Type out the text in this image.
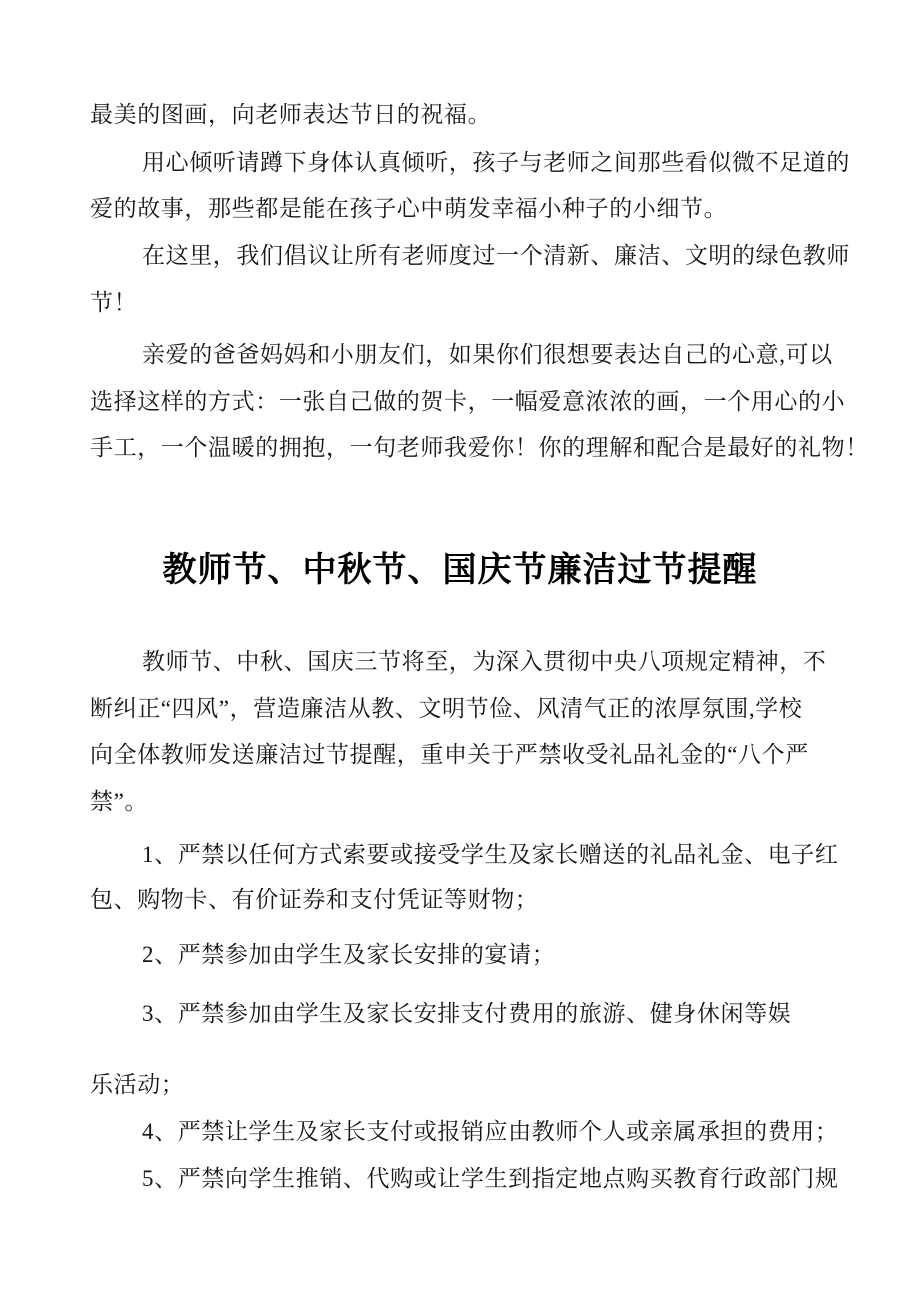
最美的图画，向老师表达节日的祝福。
用心倾听请蹲下身体认真倾听，孩子与老师之间那些看似微不足道的
爱的故事，那些都是能在孩子心中萌发幸福小种子的小细节。
在这里，我们倡议让所有老师度过一个清新、廉洁、文明的绿色教师
节！
亲爱的爸爸妈妈和小朋友们，如果你们很想要表达自己的心意,可以
选择这样的方式：一张自己做的贺卡，一幅爱意浓浓的画，一个用心的小
手工，一个温暖的拥抱，一句老师我爱你！你的理解和配合是最好的礼物！
教师节、中秋节、国庆节廉洁过节提醒
教师节、中秋、国庆三节将至，为深入贯彻中央八项规定精神，不
断纠正“四风”，营造廉洁从教、文明节俭、风清气正的浓厚氛围,学校
向全体教师发送廉洁过节提醒，重申关于严禁收受礼品礼金的“八个严
禁”。
1、严禁以任何方式索要或接受学生及家长赠送的礼品礼金、电子红
包、购物卡、有价证券和支付凭证等财物；
2、严禁参加由学生及家长安排的宴请；
3、严禁参加由学生及家长安排支付费用的旅游、健身休闲等娱
乐活动；
4、严禁让学生及家长支付或报销应由教师个人或亲属承担的费用；
5、严禁向学生推销、代购或让学生到指定地点购买教育行政部门规
